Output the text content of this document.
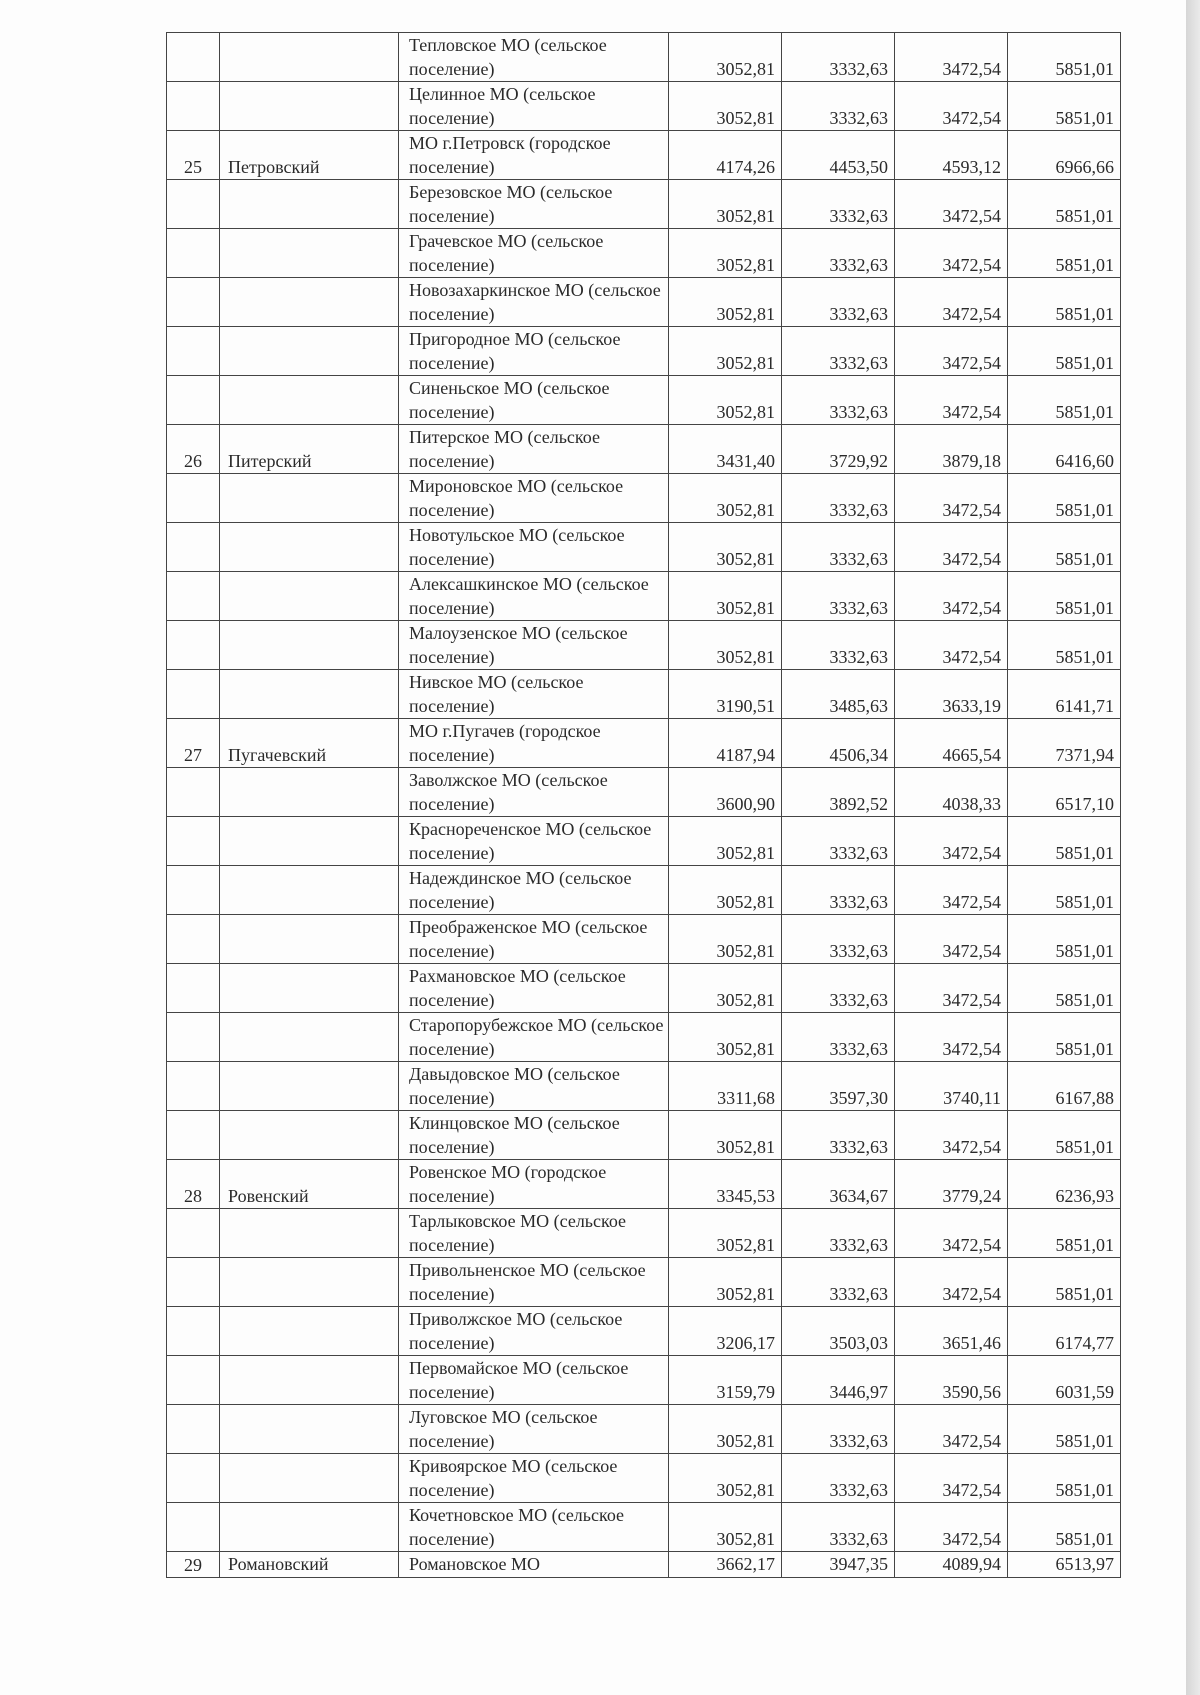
		Тепловское МО (сельское поселение)	3052,81	3332,63	3472,54	5851,01

		Целинное МО (сельское поселение)	3052,81	3332,63	3472,54	5851,01

25	Петровский	МО г.Петровск (городское поселение)	4174,26	4453,50	4593,12	6966,66

		Березовское МО (сельское поселение)	3052,81	3332,63	3472,54	5851,01

		Грачевское МО (сельское поселение)	3052,81	3332,63	3472,54	5851,01

		Новозахаркинское МО (сельское поселение)	3052,81	3332,63	3472,54	5851,01

		Пригородное МО (сельское поселение)	3052,81	3332,63	3472,54	5851,01

		Синеньское МО (сельское поселение)	3052,81	3332,63	3472,54	5851,01

26	Питерский	Питерское МО (сельское поселение)	3431,40	3729,92	3879,18	6416,60

		Мироновское МО (сельское поселение)	3052,81	3332,63	3472,54	5851,01

		Новотульское МО (сельское поселение)	3052,81	3332,63	3472,54	5851,01

		Алексашкинское МО (сельское поселение)	3052,81	3332,63	3472,54	5851,01

		Малоузенское МО (сельское поселение)	3052,81	3332,63	3472,54	5851,01

		Нивское МО (сельское поселение)	3190,51	3485,63	3633,19	6141,71

27	Пугачевский	МО г.Пугачев (городское поселение)	4187,94	4506,34	4665,54	7371,94

		Заволжское МО (сельское поселение)	3600,90	3892,52	4038,33	6517,10

		Краснореченское МО (сельское поселение)	3052,81	3332,63	3472,54	5851,01

		Надеждинское МО (сельское поселение)	3052,81	3332,63	3472,54	5851,01

		Преображенское МО (сельское поселение)	3052,81	3332,63	3472,54	5851,01

		Рахмановское МО (сельское поселение)	3052,81	3332,63	3472,54	5851,01

		Старопорубежское МО (сельское поселение)	3052,81	3332,63	3472,54	5851,01

		Давыдовское МО (сельское поселение)	3311,68	3597,30	3740,11	6167,88

		Клинцовское МО (сельское поселение)	3052,81	3332,63	3472,54	5851,01

28	Ровенский	Ровенское МО (городское поселение)	3345,53	3634,67	3779,24	6236,93

		Тарлыковское МО (сельское поселение)	3052,81	3332,63	3472,54	5851,01

		Привольненское МО (сельское поселение)	3052,81	3332,63	3472,54	5851,01

		Приволжское МО (сельское поселение)	3206,17	3503,03	3651,46	6174,77

		Первомайское МО (сельское поселение)	3159,79	3446,97	3590,56	6031,59

		Луговское МО (сельское поселение)	3052,81	3332,63	3472,54	5851,01

		Кривоярское МО (сельское поселение)	3052,81	3332,63	3472,54	5851,01

		Кочетновское МО (сельское поселение)	3052,81	3332,63	3472,54	5851,01

29	Романовский	Романовское МО	3662,17	3947,35	4089,94	6513,97
